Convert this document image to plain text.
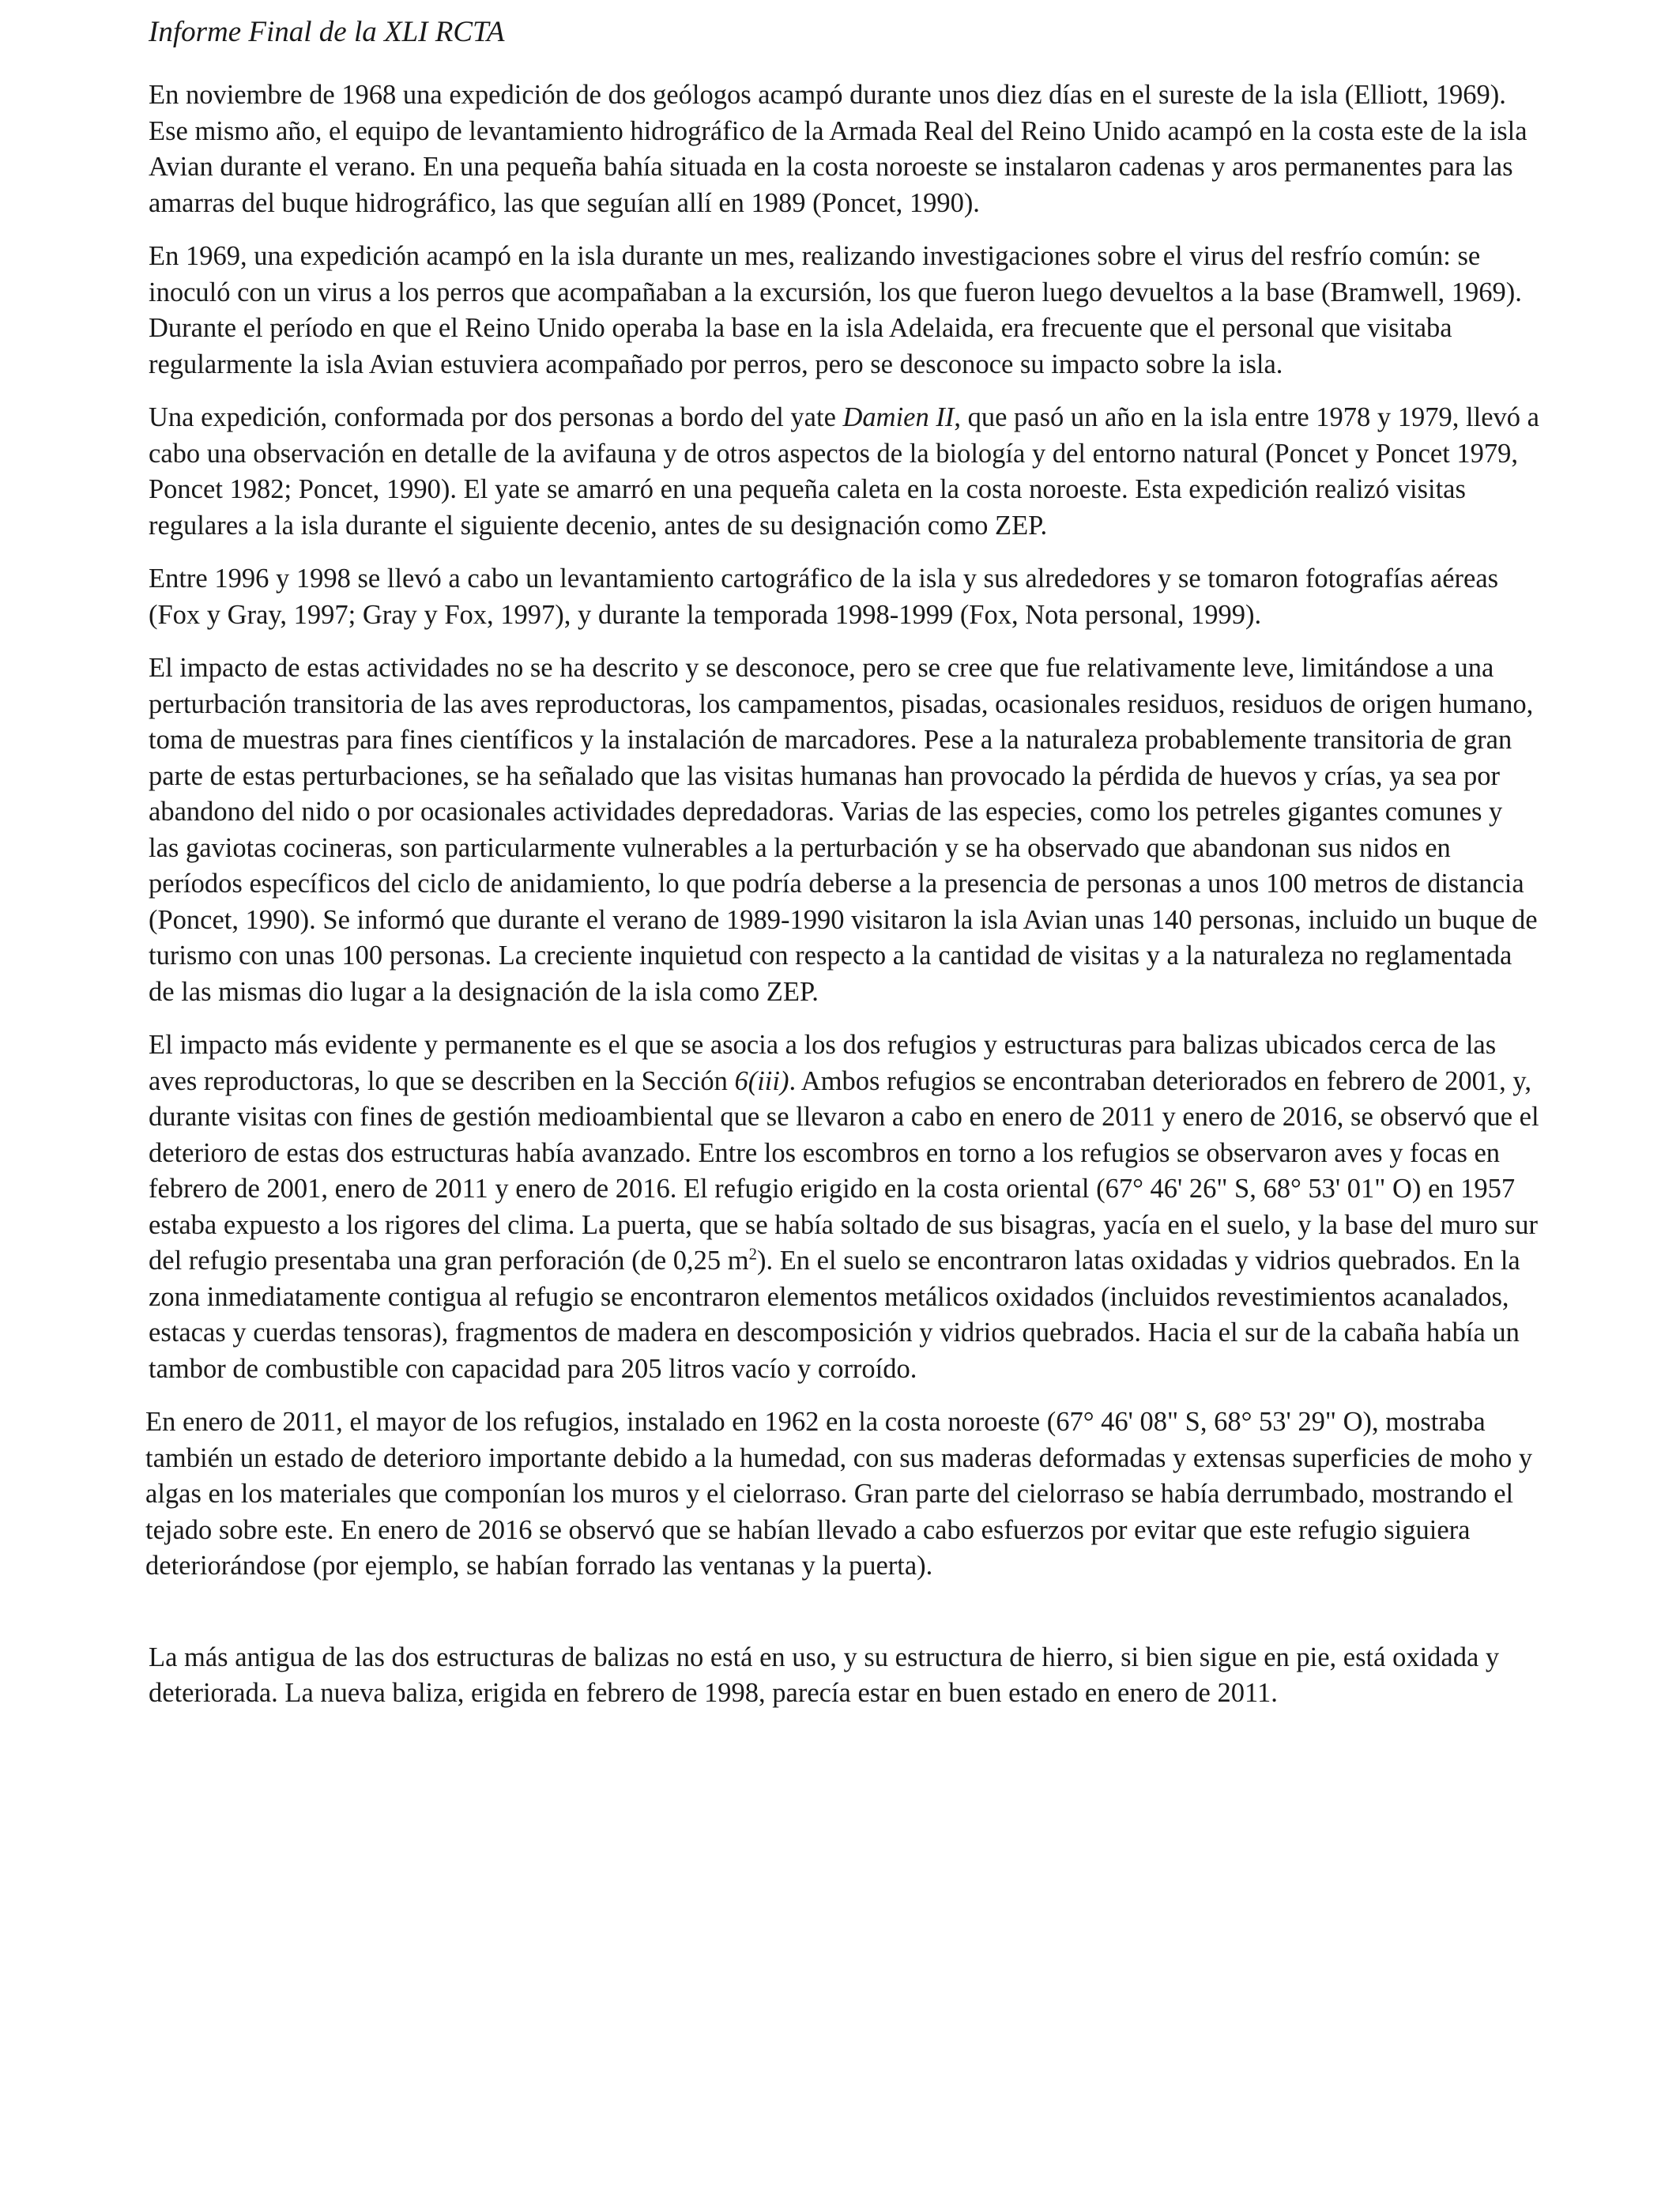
Informe Final de la XLI RCTA

En noviembre de 1968 una expedición de dos geólogos acampó durante unos diez días en el sureste de la isla (Elliott, 1969). Ese mismo año, el equipo de levantamiento hidrográfico de la Armada Real del Reino Unido acampó en la costa este de la isla Avian durante el verano. En una pequeña bahía situada en la costa noroeste se instalaron cadenas y aros permanentes para las amarras del buque hidrográfico, las que seguían allí en 1989 (Poncet, 1990).

En 1969, una expedición acampó en la isla durante un mes, realizando investigaciones sobre el virus del resfrío común: se inoculó con un virus a los perros que acompañaban a la excursión, los que fueron luego devueltos a la base (Bramwell, 1969). Durante el período en que el Reino Unido operaba la base en la isla Adelaida, era frecuente que el personal que visitaba regularmente la isla Avian estuviera acompañado por perros, pero se desconoce su impacto sobre la isla.

Una expedición, conformada por dos personas a bordo del yate Damien II, que pasó un año en la isla entre 1978 y 1979, llevó a cabo una observación en detalle de la avifauna y de otros aspectos de la biología y del entorno natural (Poncet y Poncet 1979, Poncet 1982; Poncet, 1990). El yate se amarró en una pequeña caleta en la costa noroeste. Esta expedición realizó visitas regulares a la isla durante el siguiente decenio, antes de su designación como ZEP.

Entre 1996 y 1998 se llevó a cabo un levantamiento cartográfico de la isla y sus alrededores y se tomaron fotografías aéreas (Fox y Gray, 1997; Gray y Fox, 1997), y durante la temporada 1998-1999 (Fox, Nota personal, 1999).

El impacto de estas actividades no se ha descrito y se desconoce, pero se cree que fue relativamente leve, limitándose a una perturbación transitoria de las aves reproductoras, los campamentos, pisadas, ocasionales residuos, residuos de origen humano, toma de muestras para fines científicos y la instalación de marcadores. Pese a la naturaleza probablemente transitoria de gran parte de estas perturbaciones, se ha señalado que las visitas humanas han provocado la pérdida de huevos y crías, ya sea por abandono del nido o por ocasionales actividades depredadoras. Varias de las especies, como los petreles gigantes comunes y las gaviotas cocineras, son particularmente vulnerables a la perturbación y se ha observado que abandonan sus nidos en períodos específicos del ciclo de anidamiento, lo que podría deberse a la presencia de personas a unos 100 metros de distancia (Poncet, 1990). Se informó que durante el verano de 1989-1990 visitaron la isla Avian unas 140 personas, incluido un buque de turismo con unas 100 personas. La creciente inquietud con respecto a la cantidad de visitas y a la naturaleza no reglamentada de las mismas dio lugar a la designación de la isla como ZEP.

El impacto más evidente y permanente es el que se asocia a los dos refugios y estructuras para balizas ubicados cerca de las aves reproductoras, lo que se describen en la Sección 6(iii). Ambos refugios se encontraban deteriorados en febrero de 2001, y, durante visitas con fines de gestión medioambiental que se llevaron a cabo en enero de 2011 y enero de 2016, se observó que el deterioro de estas dos estructuras había avanzado. Entre los escombros en torno a los refugios se observaron aves y focas en febrero de 2001, enero de 2011 y enero de 2016. El refugio erigido en la costa oriental (67° 46' 26" S, 68° 53' 01" O) en 1957 estaba expuesto a los rigores del clima. La puerta, que se había soltado de sus bisagras, yacía en el suelo, y la base del muro sur del refugio presentaba una gran perforación (de 0,25 $m^2$). En el suelo se encontraron latas oxidadas y vidrios quebrados. En la zona inmediatamente contigua al refugio se encontraron elementos metálicos oxidados (incluidos revestimientos acanalados, estacas y cuerdas tensoras), fragmentos de madera en descomposición y vidrios quebrados. Hacia el sur de la cabaña había un tambor de combustible con capacidad para 205 litros vacío y corroído.

En enero de 2011, el mayor de los refugios, instalado en 1962 en la costa noroeste (67° 46' 08" S, 68° 53' 29" O), mostraba también un estado de deterioro importante debido a la humedad, con sus maderas deformadas y extensas superficies de moho y algas en los materiales que componían los muros y el cielorraso. Gran parte del cielorraso se había derrumbado, mostrando el tejado sobre este. En enero de 2016 se observó que se habían llevado a cabo esfuerzos por evitar que este refugio siguiera deteriorándose (por ejemplo, se habían forrado las ventanas y la puerta).

La más antigua de las dos estructuras de balizas no está en uso, y su estructura de hierro, si bien sigue en pie, está oxidada y deteriorada. La nueva baliza, erigida en febrero de 1998, parecía estar en buen estado en enero de 2011.
